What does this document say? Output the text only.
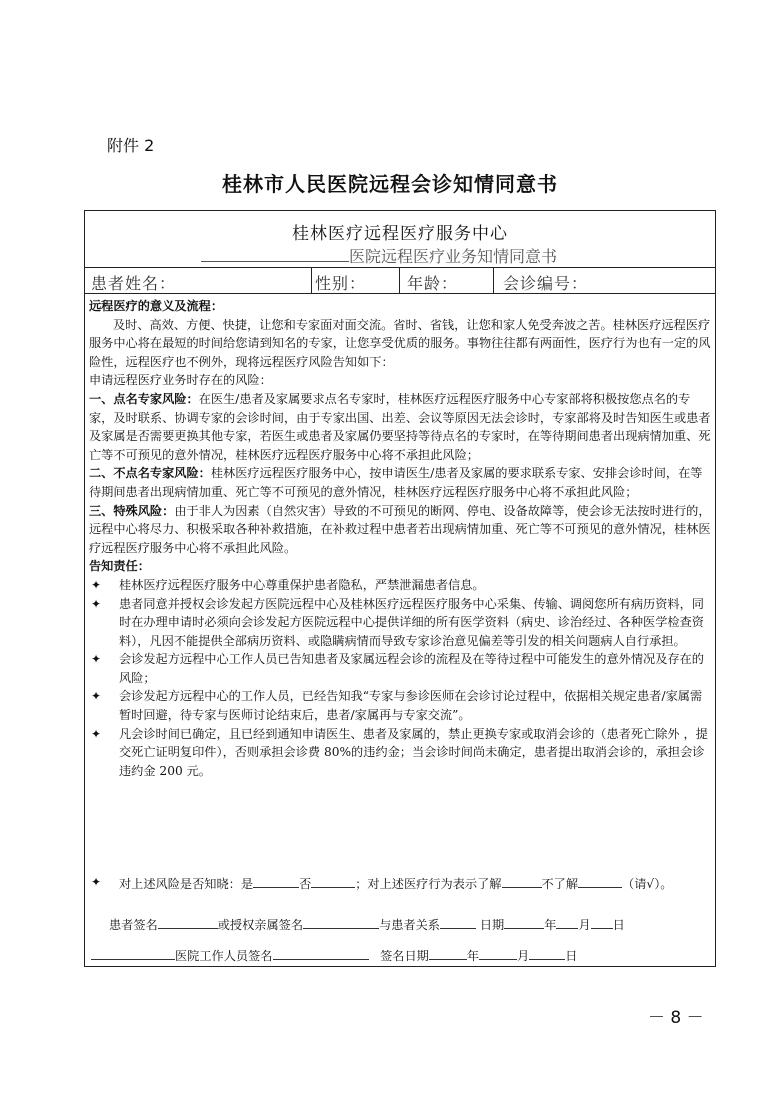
附件 2
桂林市人民医院远程会诊知情同意书
桂林医疗远程医疗服务中心
医院远程医疗业务知情同意书
患者姓名：	性别：	年龄：	会诊编号：

远程医疗的意义及流程：

及时、高效、方便、快捷，让您和专家面对面交流。省时、省钱，让您和家人免受奔波之苦。桂林医疗远程医疗服务中心将在最短的时间给您请到知名的专家，让您享受优质的服务。事物往往都有两面性，医疗行为也有一定的风险性，远程医疗也不例外，现将远程医疗风险告知如下：

申请远程医疗业务时存在的风险：

一、点名专家风险：在医生/患者及家属要求点名专家时，桂林医疗远程医疗服务中心专家部将积极按您点名的专家，及时联系、协调专家的会诊时间，由于专家出国、出差、会议等原因无法会诊时，专家部将及时告知医生或患者及家属是否需要更换其他专家，若医生或患者及家属仍要坚持等待点名的专家时，在等待期间患者出现病情加重、死亡等不可预见的意外情况，桂林医疗远程医疗服务中心将不承担此风险；

二、不点名专家风险：桂林医疗远程医疗服务中心，按申请医生/患者及家属的要求联系专家、安排会诊时间，在等待期间患者出现病情加重、死亡等不可预见的意外情况，桂林医疗远程医疗服务中心将不承担此风险；

三、特殊风险：由于非人为因素（自然灾害）导致的不可预见的断网、停电、设备故障等，使会诊无法按时进行的，远程中心将尽力、积极采取各种补救措施，在补救过程中患者若出现病情加重、死亡等不可预见的意外情况，桂林医疗远程医疗服务中心将不承担此风险。

告知责任：

✦ 桂林医疗远程医疗服务中心尊重保护患者隐私，严禁泄漏患者信息。

✦ 患者同意并授权会诊发起方医院远程中心及桂林医疗远程医疗服务中心采集、传输、调阅您所有病历资料，同时在办理申请时必须向会诊发起方医院远程中心提供详细的所有医学资料（病史、诊治经过、各种医学检查资料），凡因不能提供全部病历资料、或隐瞒病情而导致专家诊治意见偏差等引发的相关问题病人自行承担。

✦ 会诊发起方远程中心工作人员已告知患者及家属远程会诊的流程及在等待过程中可能发生的意外情况及存在的风险；

✦ 会诊发起方远程中心的工作人员，已经告知我“专家与参诊医师在会诊讨论过程中，依据相关规定患者/家属需暂时回避，待专家与医师讨论结束后，患者/家属再与专家交流”。

✦ 凡会诊时间已确定，且已经到通知申请医生、患者及家属的，禁止更换专家或取消会诊的（患者死亡除外 ，提交死亡证明复印件），否则承担会诊费 80%的违约金；当会诊时间尚未确定，患者提出取消会诊的，承担会诊违约金 200 元。

✦ 对上述风险是否知晓：是	否	；对上述医疗行为表示了解	不了解	（请√）。
患者签名	或授权亲属签名	与患者关系	日期	年 月 日
医院工作人员签名	签名日期	年	月	日
－ 8 －
